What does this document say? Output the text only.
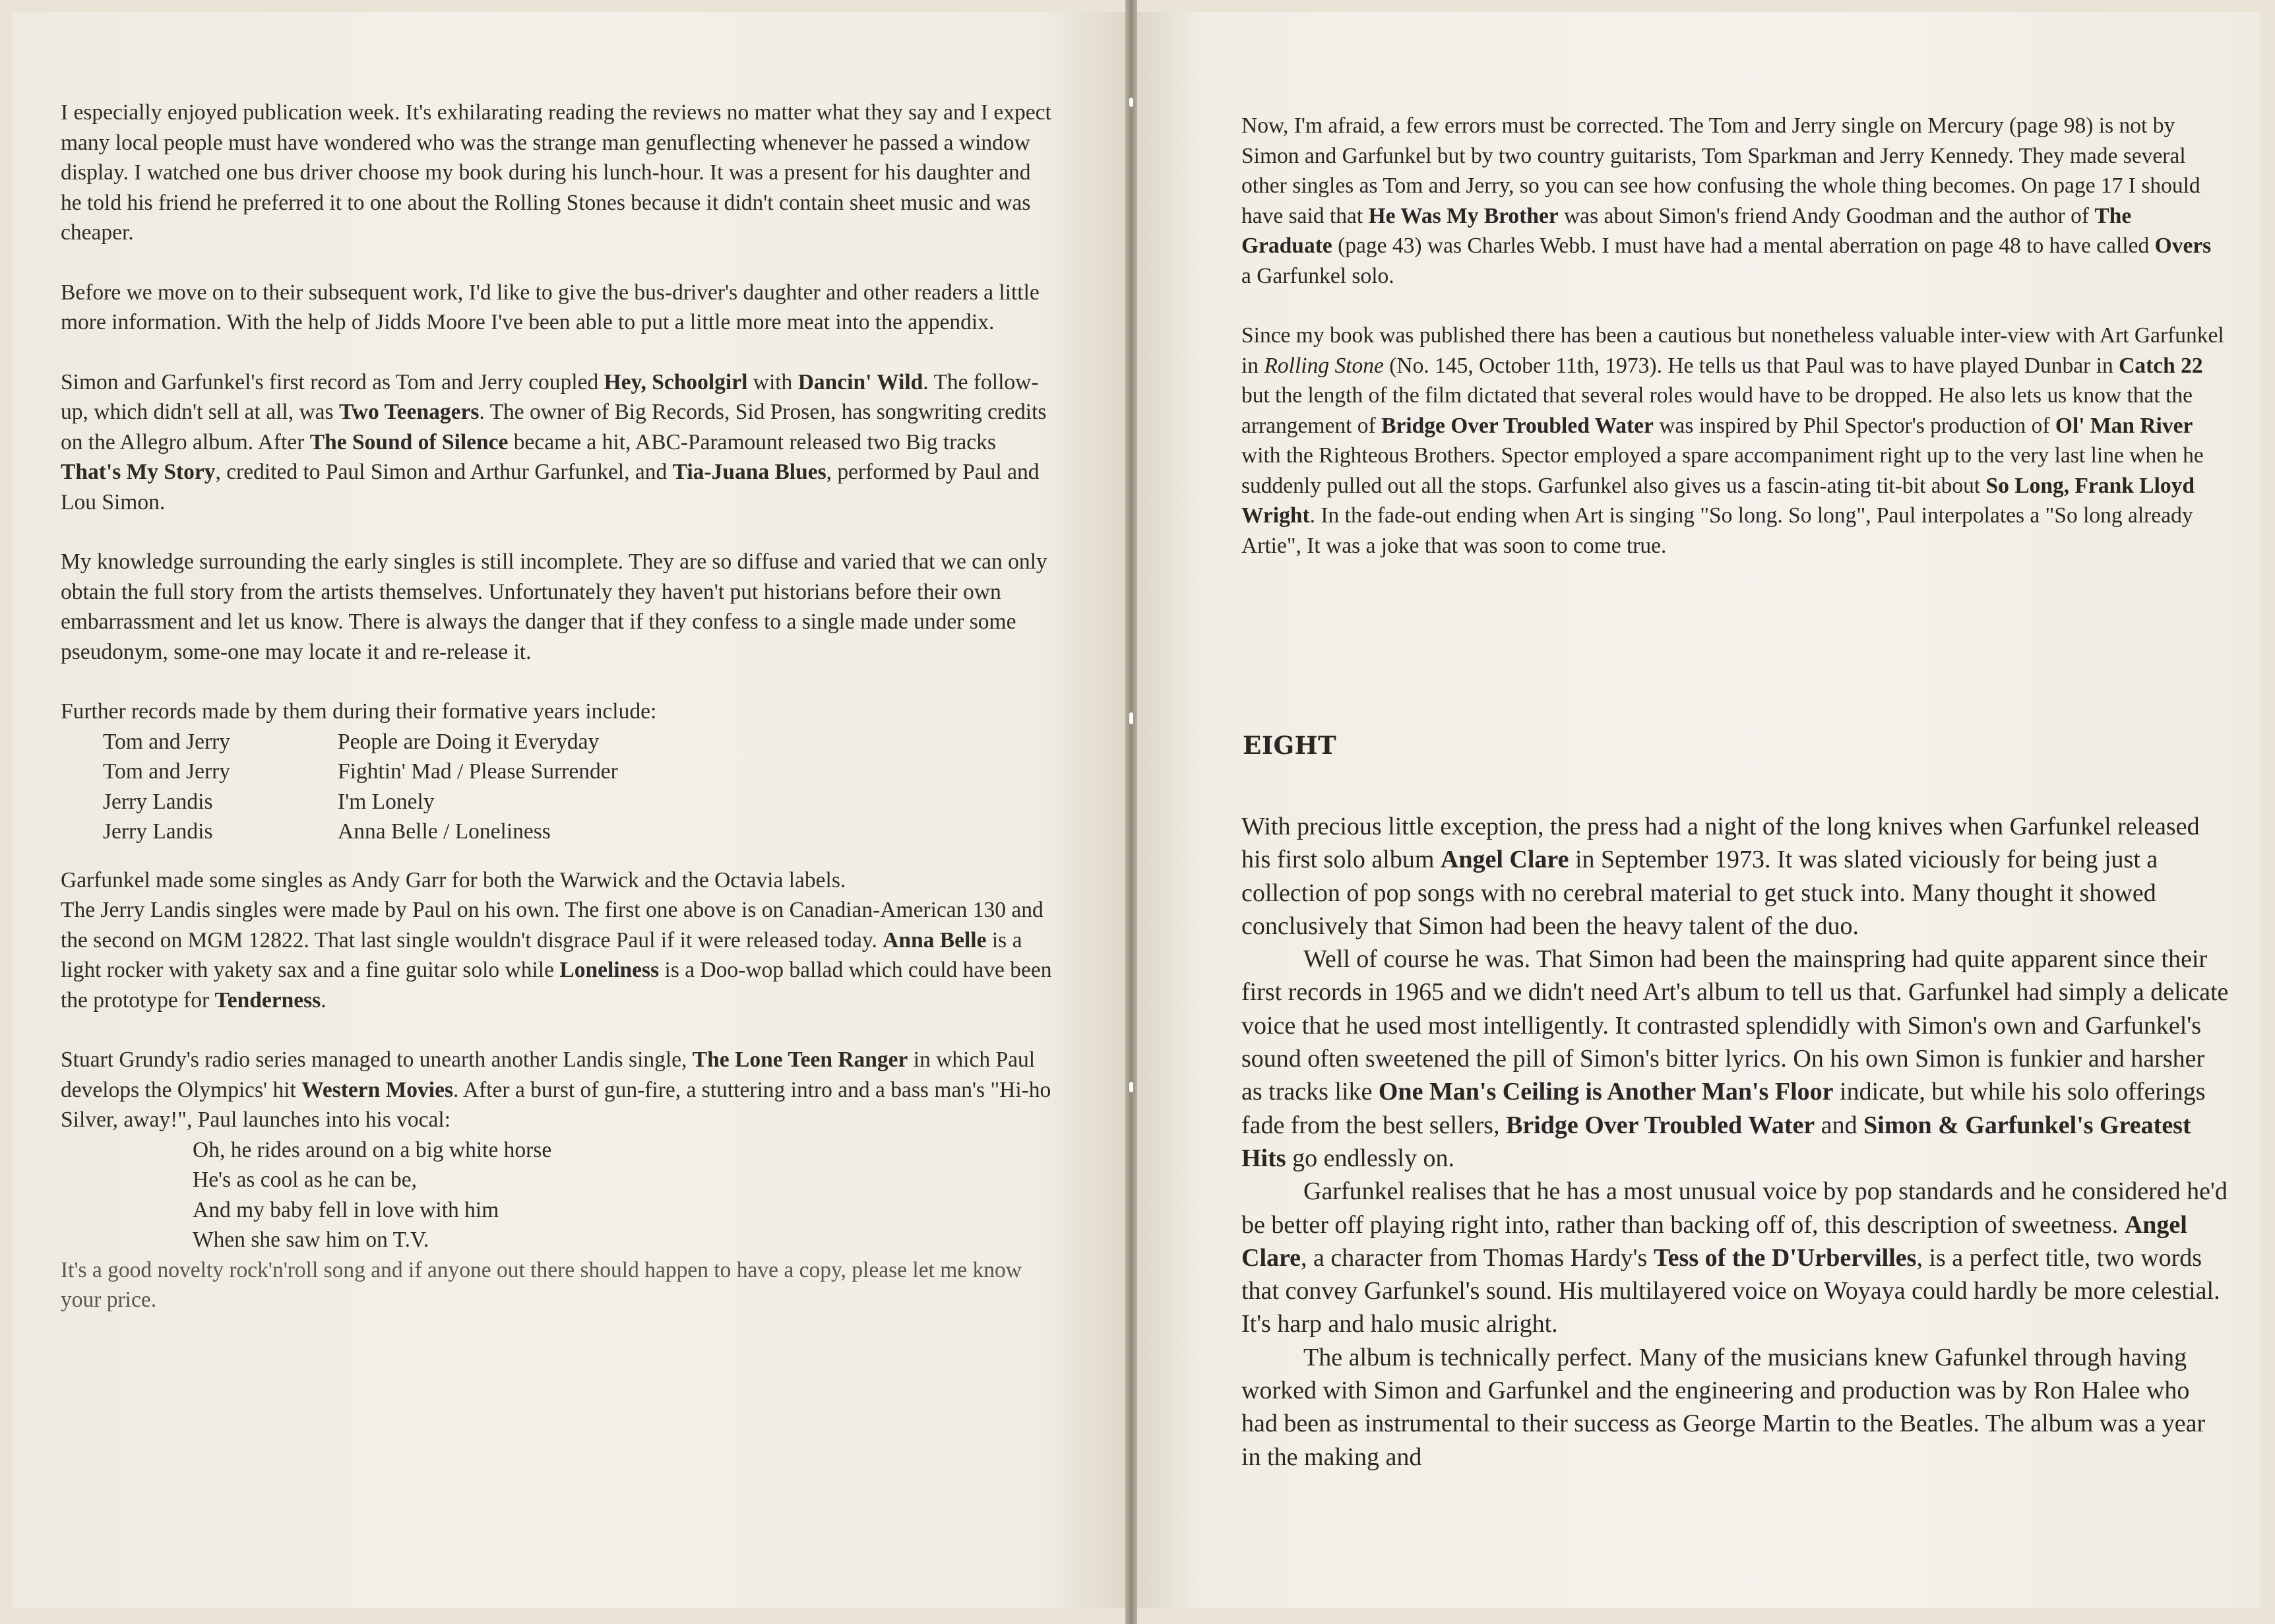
I especially enjoyed publication week. It's exhilarating reading the reviews no matter what they say and I expect many local people must have wondered who was the strange man genuflecting whenever he passed a window display. I watched one bus driver choose my book during his lunch-hour. It was a present for his daughter and he told his friend he preferred it to one about the Rolling Stones because it didn't contain sheet music and was cheaper.

Before we move on to their subsequent work, I'd like to give the bus-driver's daughter and other readers a little more information. With the help of Jidds Moore I've been able to put a little more meat into the appendix.

Simon and Garfunkel's first record as Tom and Jerry coupled Hey, Schoolgirl with Dancin' Wild. The follow-up, which didn't sell at all, was Two Teenagers. The owner of Big Records, Sid Prosen, has songwriting credits on the Allegro album. After The Sound of Silence became a hit, ABC-Paramount released two Big tracks That's My Story, credited to Paul Simon and Arthur Garfunkel, and Tia-Juana Blues, performed by Paul and Lou Simon.

My knowledge surrounding the early singles is still incomplete. They are so diffuse and varied that we can only obtain the full story from the artists themselves. Unfortunately they haven't put historians before their own embarrassment and let us know. There is always the danger that if they confess to a single made under some pseudonym, some-one may locate it and re-release it.

Further records made by them during their formative years include:

Tom and Jerry	People are Doing it Everyday
Tom and Jerry	Fightin' Mad / Please Surrender
Jerry Landis	I'm Lonely
Jerry Landis	Anna Belle / Loneliness

Garfunkel made some singles as Andy Garr for both the Warwick and the Octavia labels.

The Jerry Landis singles were made by Paul on his own. The first one above is on Canadian-American 130 and the second on MGM 12822. That last single wouldn't disgrace Paul if it were released today. Anna Belle is a light rocker with yakety sax and a fine guitar solo while Loneliness is a Doo-wop ballad which could have been the prototype for Tenderness.

Stuart Grundy's radio series managed to unearth another Landis single, The Lone Teen Ranger in which Paul develops the Olympics' hit Western Movies. After a burst of gun-fire, a stuttering intro and a bass man's "Hi-ho Silver, away!", Paul launches into his vocal:

Oh, he rides around on a big white horse

He's as cool as he can be,

And my baby fell in love with him

When she saw him on T.V.

It's a good novelty rock'n'roll song and if anyone out there should happen to have a copy, please let me know your price.

Now, I'm afraid, a few errors must be corrected. The Tom and Jerry single on Mercury (page 98) is not by Simon and Garfunkel but by two country guitarists, Tom Sparkman and Jerry Kennedy. They made several other singles as Tom and Jerry, so you can see how confusing the whole thing becomes. On page 17 I should have said that He Was My Brother was about Simon's friend Andy Goodman and the author of The Graduate (page 43) was Charles Webb. I must have had a mental aberration on page 48 to have called Overs a Garfunkel solo.

Since my book was published there has been a cautious but nonetheless valuable inter-view with Art Garfunkel in Rolling Stone (No. 145, October 11th, 1973). He tells us that Paul was to have played Dunbar in Catch 22 but the length of the film dictated that several roles would have to be dropped. He also lets us know that the arrangement of Bridge Over Troubled Water was inspired by Phil Spector's production of Ol' Man River with the Righteous Brothers. Spector employed a spare accompaniment right up to the very last line when he suddenly pulled out all the stops. Garfunkel also gives us a fascin-ating tit-bit about So Long, Frank Lloyd Wright. In the fade-out ending when Art is singing "So long. So long", Paul interpolates a "So long already Artie", It was a joke that was soon to come true.

EIGHT

With precious little exception, the press had a night of the long knives when Garfunkel released his first solo album Angel Clare in September 1973. It was slated viciously for being just a collection of pop songs with no cerebral material to get stuck into. Many thought it showed conclusively that Simon had been the heavy talent of the duo.

Well of course he was. That Simon had been the mainspring had quite apparent since their first records in 1965 and we didn't need Art's album to tell us that. Garfunkel had simply a delicate voice that he used most intelligently. It contrasted splendidly with Simon's own and Garfunkel's sound often sweetened the pill of Simon's bitter lyrics. On his own Simon is funkier and harsher as tracks like One Man's Ceiling is Another Man's Floor indicate, but while his solo offerings fade from the best sellers, Bridge Over Troubled Water and Simon & Garfunkel's Greatest Hits go endlessly on.

Garfunkel realises that he has a most unusual voice by pop standards and he considered he'd be better off playing right into, rather than backing off of, this description of sweetness. Angel Clare, a character from Thomas Hardy's Tess of the D'Urbervilles, is a perfect title, two words that convey Garfunkel's sound. His multilayered voice on Woyaya could hardly be more celestial. It's harp and halo music alright.

The album is technically perfect. Many of the musicians knew Gafunkel through having worked with Simon and Garfunkel and the engineering and production was by Ron Halee who had been as instrumental to their success as George Martin to the Beatles. The album was a year in the making and
